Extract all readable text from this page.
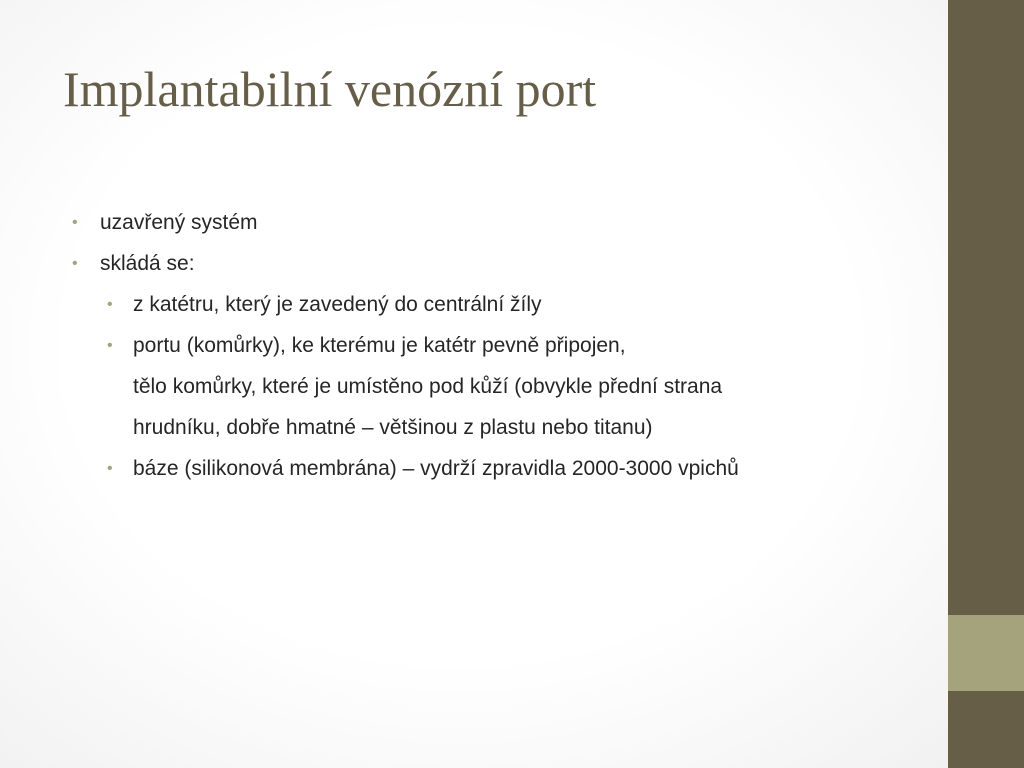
Implantabilní venózní port
• uzavřený systém
• skládá se:
• z katétru, který je zavedený do centrální žíly
• portu (komůrky), ke kterému je katétr pevně připojen,
tělo komůrky, které je umístěno pod kůží (obvykle přední strana
hrudníku, dobře hmatné – většinou z plastu nebo titanu)
• báze (silikonová membrána) – vydrží zpravidla 2000-3000 vpichů
